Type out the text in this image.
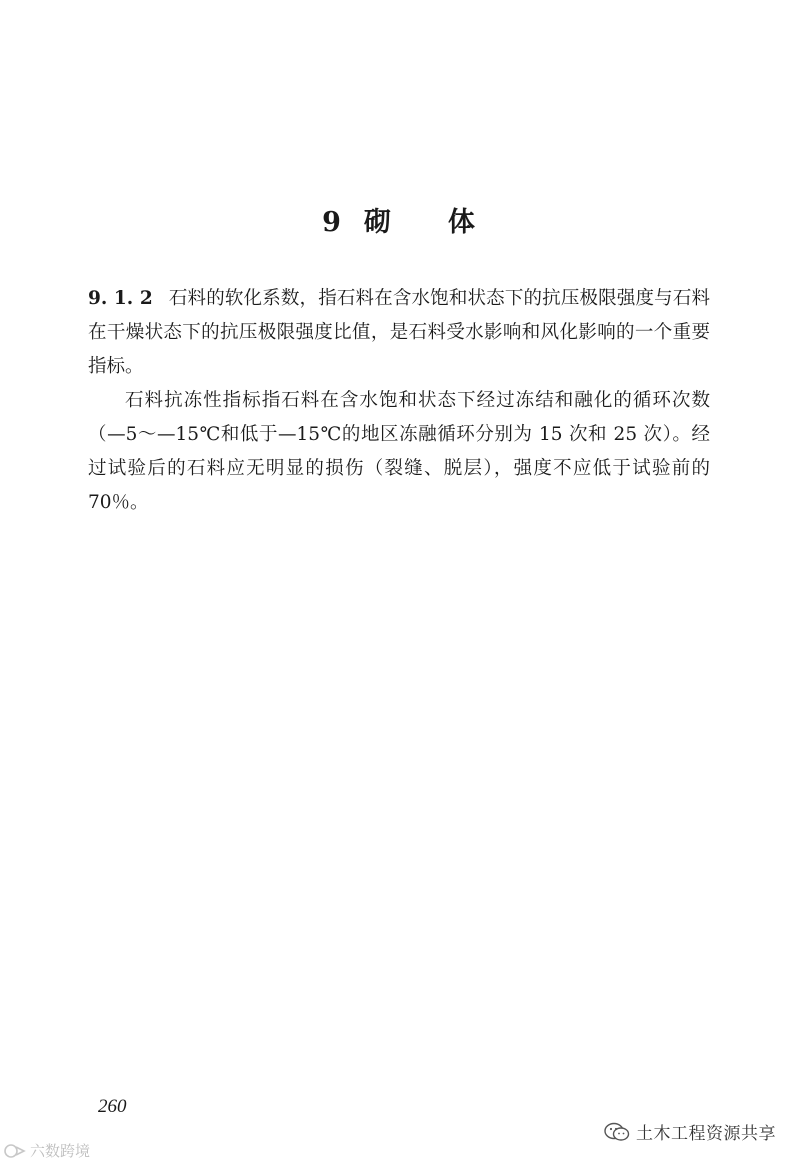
9 砌 体

9. 1. 2 石料的软化系数，指石料在含水饱和状态下的抗压极限强度与石料在干燥状态下的抗压极限强度比值，是石料受水影响和风化影响的一个重要指标。

石料抗冻性指标指石料在含水饱和状态下经过冻结和融化的循环次数（—5～—15℃和低于—15℃的地区冻融循环分别为 15 次和 25 次）。经过试验后的石料应无明显的损伤（裂缝、脱层），强度不应低于试验前的 70％。

260
土木工程资源共享
六数跨境
